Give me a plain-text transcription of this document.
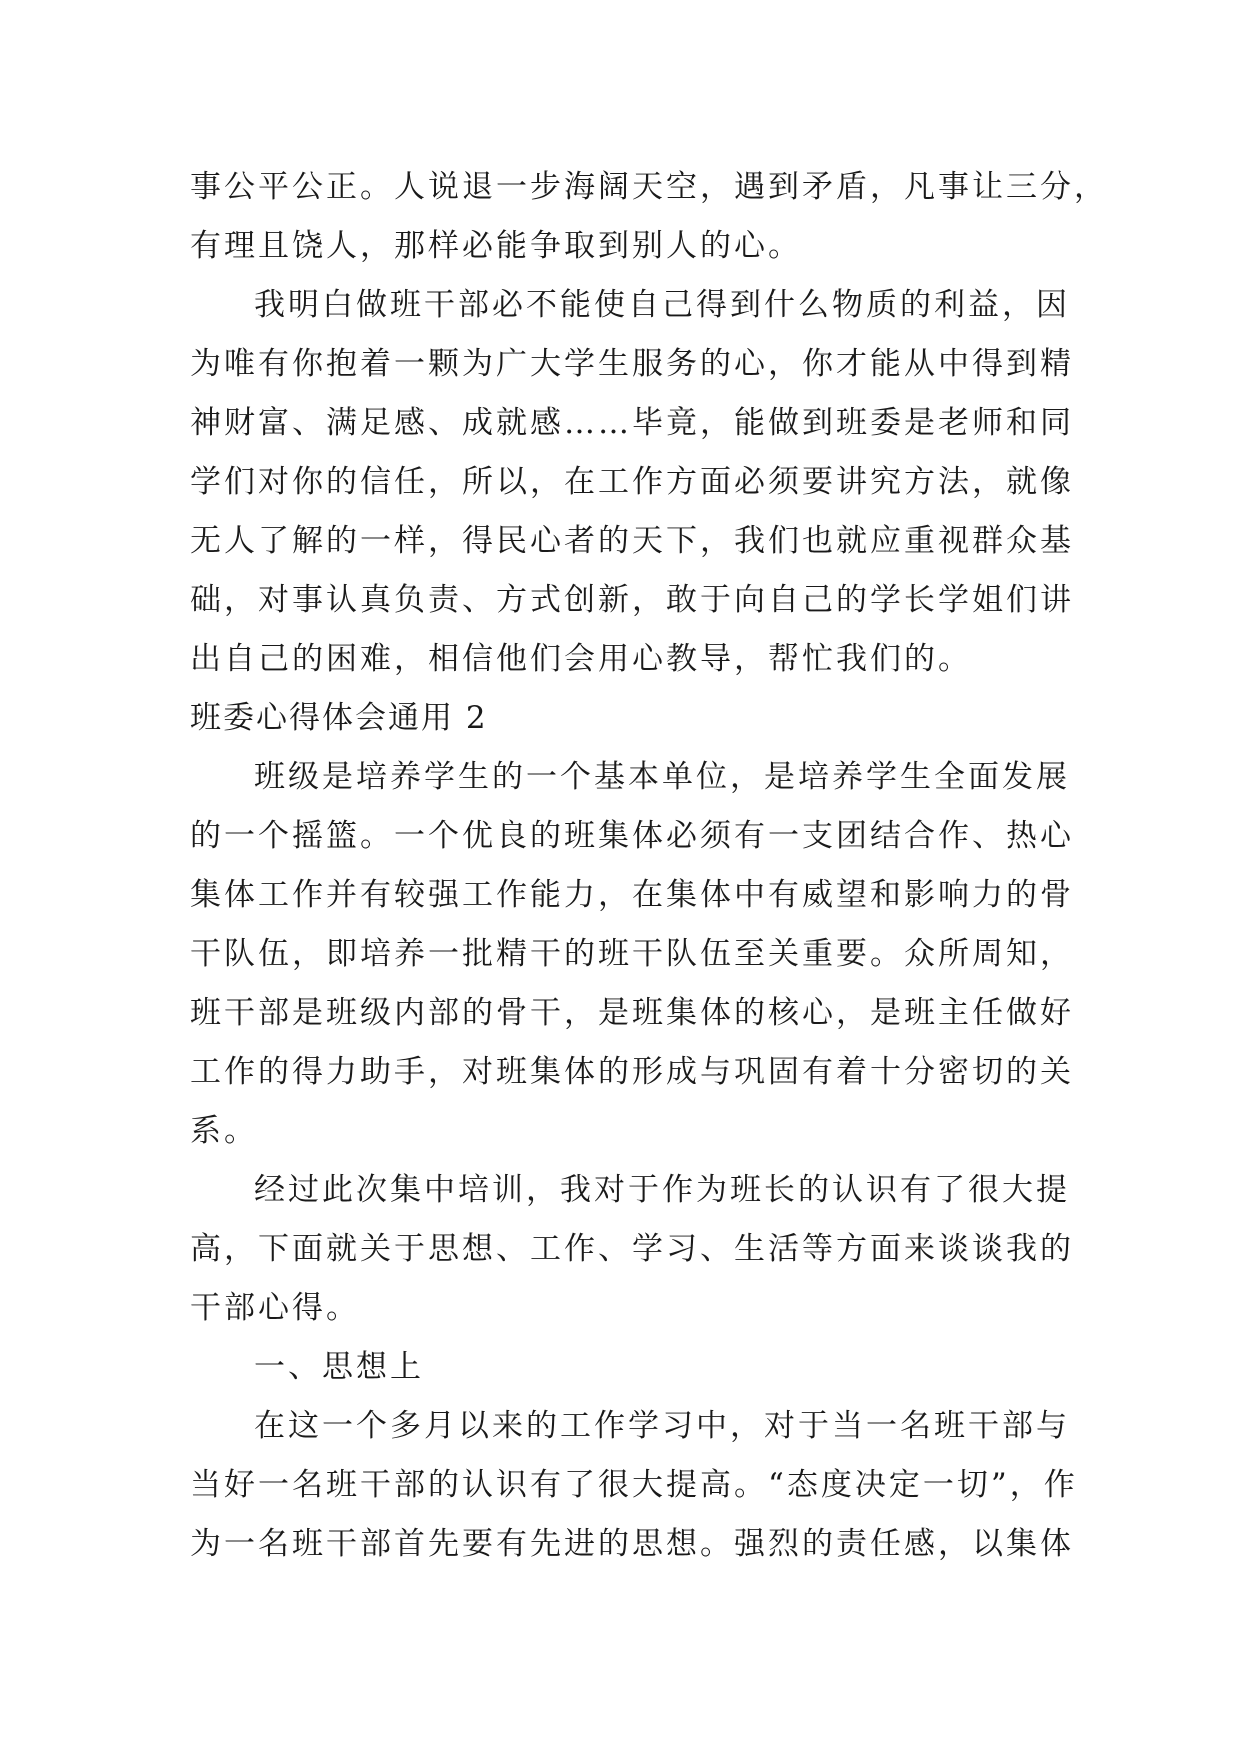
事公平公正。人说退一步海阔天空，遇到矛盾，凡事让三分，
有理且饶人，那样必能争取到别人的心。
我明白做班干部必不能使自己得到什么物质的利益，因
为唯有你抱着一颗为广大学生服务的心，你才能从中得到精
神财富、满足感、成就感……毕竟，能做到班委是老师和同
学们对你的信任，所以，在工作方面必须要讲究方法，就像
无人了解的一样，得民心者的天下，我们也就应重视群众基
础，对事认真负责、方式创新，敢于向自己的学长学姐们讲
出自己的困难，相信他们会用心教导，帮忙我们的。
班委心得体会通用 2
班级是培养学生的一个基本单位，是培养学生全面发展
的一个摇篮。一个优良的班集体必须有一支团结合作、热心
集体工作并有较强工作能力，在集体中有威望和影响力的骨
干队伍，即培养一批精干的班干队伍至关重要。众所周知，
班干部是班级内部的骨干，是班集体的核心，是班主任做好
工作的得力助手，对班集体的形成与巩固有着十分密切的关
系。
经过此次集中培训，我对于作为班长的认识有了很大提
高，下面就关于思想、工作、学习、生活等方面来谈谈我的
干部心得。
一、思想上
在这一个多月以来的工作学习中，对于当一名班干部与
当好一名班干部的认识有了很大提高。“态度决定一切”，作
为一名班干部首先要有先进的思想。强烈的责任感，以集体
